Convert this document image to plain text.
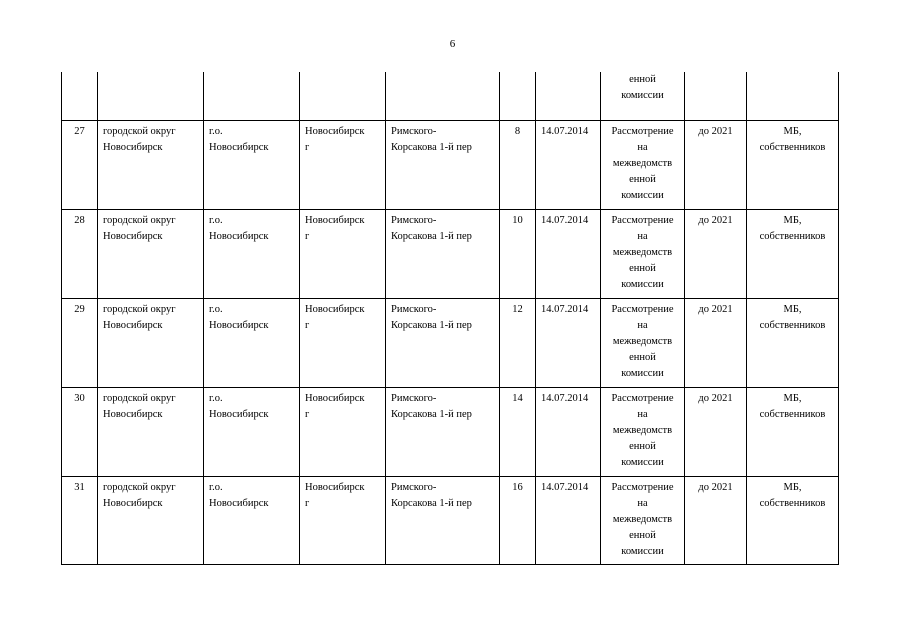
6

							енной
комиссии		

27	городской округ
Новосибирск	г.о.
Новосибирск	Новосибирск
г	Римского-
Корсакова 1-й пер	8	14.07.2014	Рассмотрение
на
межведомств
енной
комиссии	до 2021	МБ,
собственников

28	городской округ
Новосибирск	г.о.
Новосибирск	Новосибирск
г	Римского-
Корсакова 1-й пер	10	14.07.2014	Рассмотрение
на
межведомств
енной
комиссии	до 2021	МБ,
собственников

29	городской округ
Новосибирск	г.о.
Новосибирск	Новосибирск
г	Римского-
Корсакова 1-й пер	12	14.07.2014	Рассмотрение
на
межведомств
енной
комиссии	до 2021	МБ,
собственников

30	городской округ
Новосибирск	г.о.
Новосибирск	Новосибирск
г	Римского-
Корсакова 1-й пер	14	14.07.2014	Рассмотрение
на
межведомств
енной
комиссии	до 2021	МБ,
собственников

31	городской округ
Новосибирск	г.о.
Новосибирск	Новосибирск
г	Римского-
Корсакова 1-й пер	16	14.07.2014	Рассмотрение
на
межведомств
енной
комиссии	до 2021	МБ,
собственников
